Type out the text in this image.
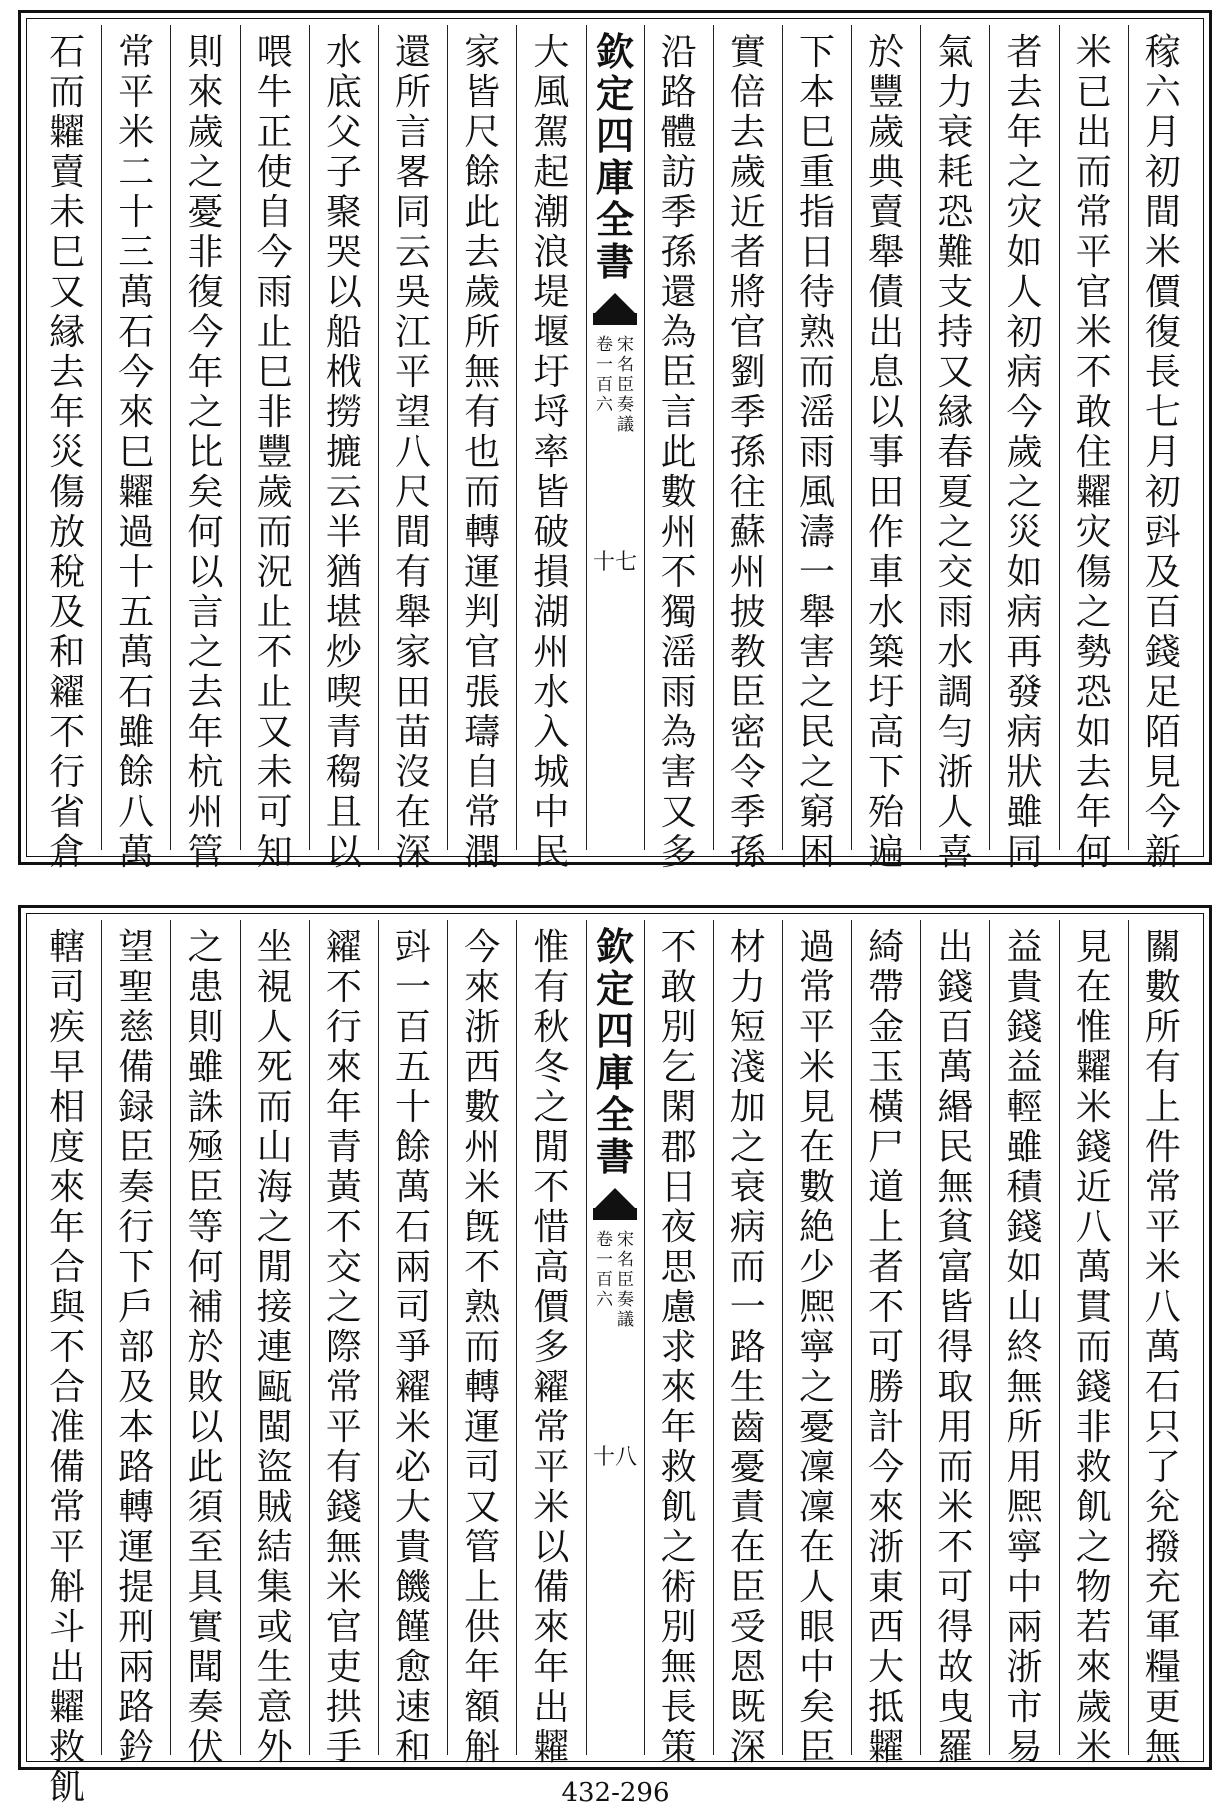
稼
六
月
初
間
米
價
復
長
七
月
初
㪷
及
百
錢
足
陌
見
今
新
米
已
出
而
常
平
官
米
不
敢
住
糶
灾
傷
之
勢
恐
如
去
年
何
者
去
年
之
灾
如
人
初
病
今
歲
之
災
如
病
再
發
病
狀
雖
同
氣
力
衰
耗
恐
難
支
持
又
縁
春
夏
之
交
雨
水
調
勻
浙
人
喜
於
豐
歲
典
賣
舉
債
出
息
以
事
田
作
車
水
築
圩
高
下
殆
遍
下
本
巳
重
指
日
待
熟
而
滛
雨
風
濤
一
舉
害
之
民
之
窮
困
實
倍
去
歲
近
者
將
官
劉
季
孫
往
蘇
州
披
教
臣
密
令
季
孫
沿
路
體
訪
季
孫
還
為
臣
言
此
數
州
不
獨
滛
雨
為
害
又
多
欽
定
四
庫
全
書
宋
名
臣
奏
議
卷
一
百
六
十七
大
風
駕
起
潮
浪
堤
堰
圩
埒
率
皆
破
損
湖
州
水
入
城
中
民
家
皆
尺
餘
此
去
歲
所
無
有
也
而
轉
運
判
官
張
璹
自
常
潤
還
所
言
畧
同
云
吳
江
平
望
八
尺
間
有
舉
家
田
苗
沒
在
深
水
底
父
子
聚
哭
以
船
栰
撈
摝
云
半
猶
堪
炒
喫
青
䅳
且
以
喂
牛
正
使
自
今
雨
止
巳
非
豐
歲
而
況
止
不
止
又
未
可
知
則
來
歲
之
憂
非
復
今
年
之
比
矣
何
以
言
之
去
年
杭
州
管
常
平
米
二
十
三
萬
石
今
來
巳
糶
過
十
五
萬
石
雖
餘
八
萬
石
而
糶
賣
未
巳
又
縁
去
年
災
傷
放
稅
及
和
糴
不
行
省
倉
關
數
所
有
上
件
常
平
米
八
萬
石
只
了
兊
撥
充
軍
糧
更
無
見
在
惟
糶
米
錢
近
八
萬
貫
而
錢
非
救
飢
之
物
若
來
歲
米
益
貴
錢
益
輕
雖
積
錢
如
山
終
無
所
用
熈
寧
中
兩
浙
市
易
出
錢
百
萬
緡
民
無
貧
富
皆
得
取
用
而
米
不
可
得
故
曳
羅
綺
帶
金
玉
橫
尸
道
上
者
不
可
勝
計
今
來
浙
東
西
大
抵
糶
過
常
平
米
見
在
數
絶
少
熈
寧
之
憂
凜
凜
在
人
眼
中
矣
臣
材
力
短
淺
加
之
衰
病
而
一
路
生
齒
憂
責
在
臣
受
恩
既
深
不
敢
別
乞
閑
郡
日
夜
思
慮
求
來
年
救
飢
之
術
別
無
長
策
欽
定
四
庫
全
書
宋
名
臣
奏
議
卷
一
百
六
十八
惟
有
秋
冬
之
閒
不
惜
高
價
多
糴
常
平
米
以
備
來
年
出
糶
今
來
浙
西
數
州
米
旣
不
熟
而
轉
運
司
又
管
上
供
年
額
斛
㪷
一
百
五
十
餘
萬
石
兩
司
爭
糴
米
必
大
貴
饑
饉
愈
速
和
糴
不
行
來
年
青
黃
不
交
之
際
常
平
有
錢
無
米
官
吏
拱
手
坐
視
人
死
而
山
海
之
閒
接
連
甌
閩
盜
賊
結
集
或
生
意
外
之
患
則
雖
誅
殛
臣
等
何
補
於
敗
以
此
須
至
具
實
聞
奏
伏
望
聖
慈
備
録
臣
奏
行
下
戶
部
及
本
路
轉
運
提
刑
兩
路
鈐
轄
司
疾
早
相
度
來
年
合
與
不
合
准
備
常
平
斛
斗
出
糶
救
飢	432-296
